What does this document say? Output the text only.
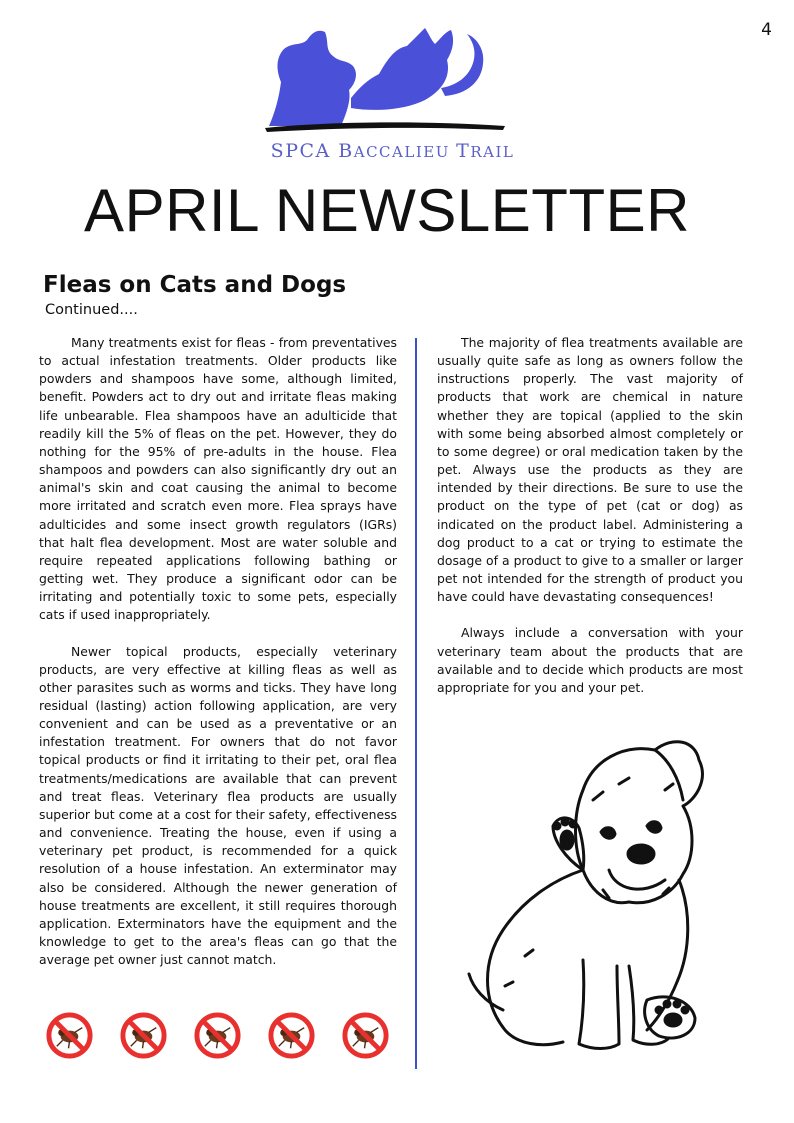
4
SPCA BACCALIEU TRAIL
APRIL NEWSLETTER
Fleas on Cats and Dogs
Continued....

Many treatments exist for fleas - from preventatives to actual infestation treatments. Older products like powders and shampoos have some, although limited, benefit. Powders act to dry out and irritate fleas making life unbearable. Flea shampoos have an adulticide that readily kill the 5% of fleas on the pet. However, they do nothing for the 95% of pre-adults in the house. Flea shampoos and powders can also significantly dry out an animal's skin and coat causing the animal to become more irritated and scratch even more. Flea sprays have adulticides and some insect growth regulators (IGRs) that halt flea development. Most are water soluble and require repeated applications following bathing or getting wet. They produce a significant odor can be irritating and potentially toxic to some pets, especially cats if used inappropriately.

Newer topical products, especially veterinary products, are very effective at killing fleas as well as other parasites such as worms and ticks. They have long residual (lasting) action following application, are very convenient and can be used as a preventative or an infestation treatment. For owners that do not favor topical products or find it irritating to their pet, oral flea treatments/medications are available that can prevent and treat fleas. Veterinary flea products are usually superior but come at a cost for their safety, effectiveness and convenience. Treating the house, even if using a veterinary pet product, is recommended for a quick resolution of a house infestation. An exterminator may also be considered. Although the newer generation of house treatments are excellent, it still requires thorough application. Exterminators have the equipment and the knowledge to get to the area's fleas can go that the average pet owner just cannot match.

The majority of flea treatments available are usually quite safe as long as owners follow the instructions properly. The vast majority of products that work are chemical in nature whether they are topical (applied to the skin with some being absorbed almost completely or to some degree) or oral medication taken by the pet. Always use the products as they are intended by their directions. Be sure to use the product on the type of pet (cat or dog) as indicated on the product label. Administering a dog product to a cat or trying to estimate the dosage of a product to give to a smaller or larger pet not intended for the strength of product you have could have devastating consequences!

Always include a conversation with your veterinary team about the products that are available and to decide which products are most appropriate for you and your pet.
